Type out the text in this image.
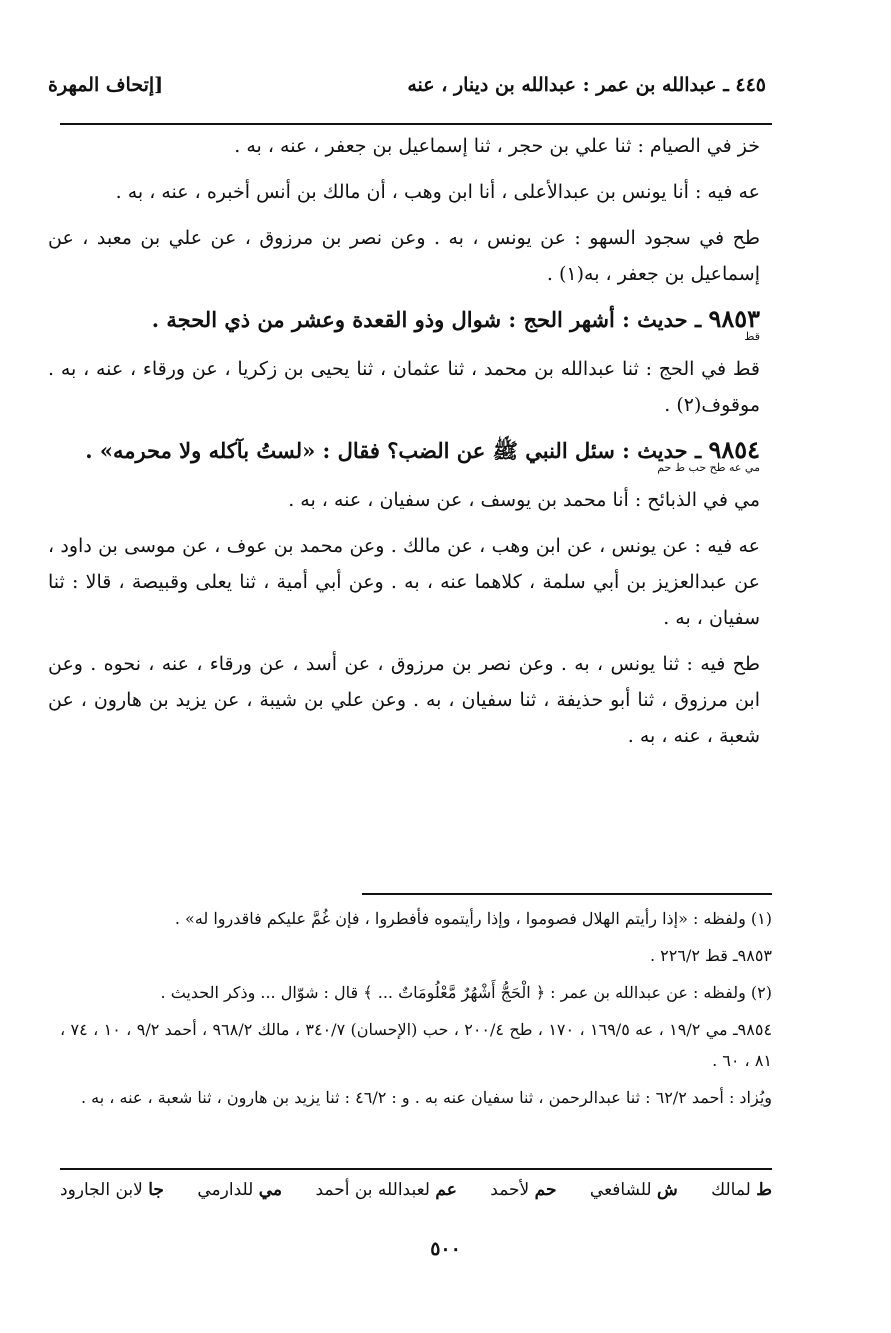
٤٤٥ ـ عبدالله بن عمر : عبدالله بن دينار ، عنه
[إتحاف المهرة

خز في الصيام : ثنا علي بن حجر ، ثنا إسماعيل بن جعفر ، عنه ، به .

عه فيه : أنا يونس بن عبدالأعلى ، أنا ابن وهب ، أن مالك بن أنس أخبره ، عنه ، به .

طح في سجود السهو : عن يونس ، به . وعن نصر بن مرزوق ، عن علي بن معبد ، عن إسماعيل بن جعفر ، به(١) .

٩٨٥٣ ـ حديث : أشهر الحج : شوال وذو القعدة وعشر من ذي الحجة .
قط

قط في الحج : ثنا عبدالله بن محمد ، ثنا عثمان ، ثنا يحيى بن زكريا ، عن ورقاء ، عنه ، به . موقوف(٢) .

٩٨٥٤ ـ حديث : سئل النبي ﷺ عن الضب؟ فقال : «لستُ بآكله ولا محرمه» .
مي عه طح حب ط حم

مي في الذبائح : أنا محمد بن يوسف ، عن سفيان ، عنه ، به .

عه فيه : عن يونس ، عن ابن وهب ، عن مالك . وعن محمد بن عوف ، عن موسى بن داود ، عن عبدالعزيز بن أبي سلمة ، كلاهما عنه ، به . وعن أبي أمية ، ثنا يعلى وقبيصة ، قالا : ثنا سفيان ، به .

طح فيه : ثنا يونس ، به . وعن نصر بن مرزوق ، عن أسد ، عن ورقاء ، عنه ، نحوه . وعن ابن مرزوق ، ثنا أبو حذيفة ، ثنا سفيان ، به . وعن علي بن شيبة ، عن يزيد بن هارون ، عن شعبة ، عنه ، به .

(١) ولفظه : «إذا رأيتم الهلال فصوموا ، وإذا رأيتموه فأفطروا ، فإن غُمَّ عليكم فاقدروا له» .

٩٨٥٣ـ قط ٢٢٦/٢ .

(٢) ولفظه : عن عبدالله بن عمر : ﴿ الْحَجُّ أَشْهُرٌ مَّعْلُومَاتٌ ... ﴾ قال : شوّال ... وذكر الحديث .

٩٨٥٤ـ مي ١٩/٢ ، عه ١٦٩/٥ ، ١٧٠ ، طح ٢٠٠/٤ ، حب (الإحسان) ٣٤٠/٧ ، مالك ٩٦٨/٢ ، أحمد ٩/٢ ، ١٠ ، ٧٤ ، ٨١ ، ٦٠ .

ويُزاد : أحمد ٦٢/٢ : ثنا عبدالرحمن ، ثنا سفيان عنه به . و : ٤٦/٢ : ثنا يزيد بن هارون ، ثنا شعبة ، عنه ، به .

ط لمالك
ش للشافعي
حم لأحمد
عم لعبدالله بن أحمد
مي للدارمي
جا لابن الجارود
٥٠٠
